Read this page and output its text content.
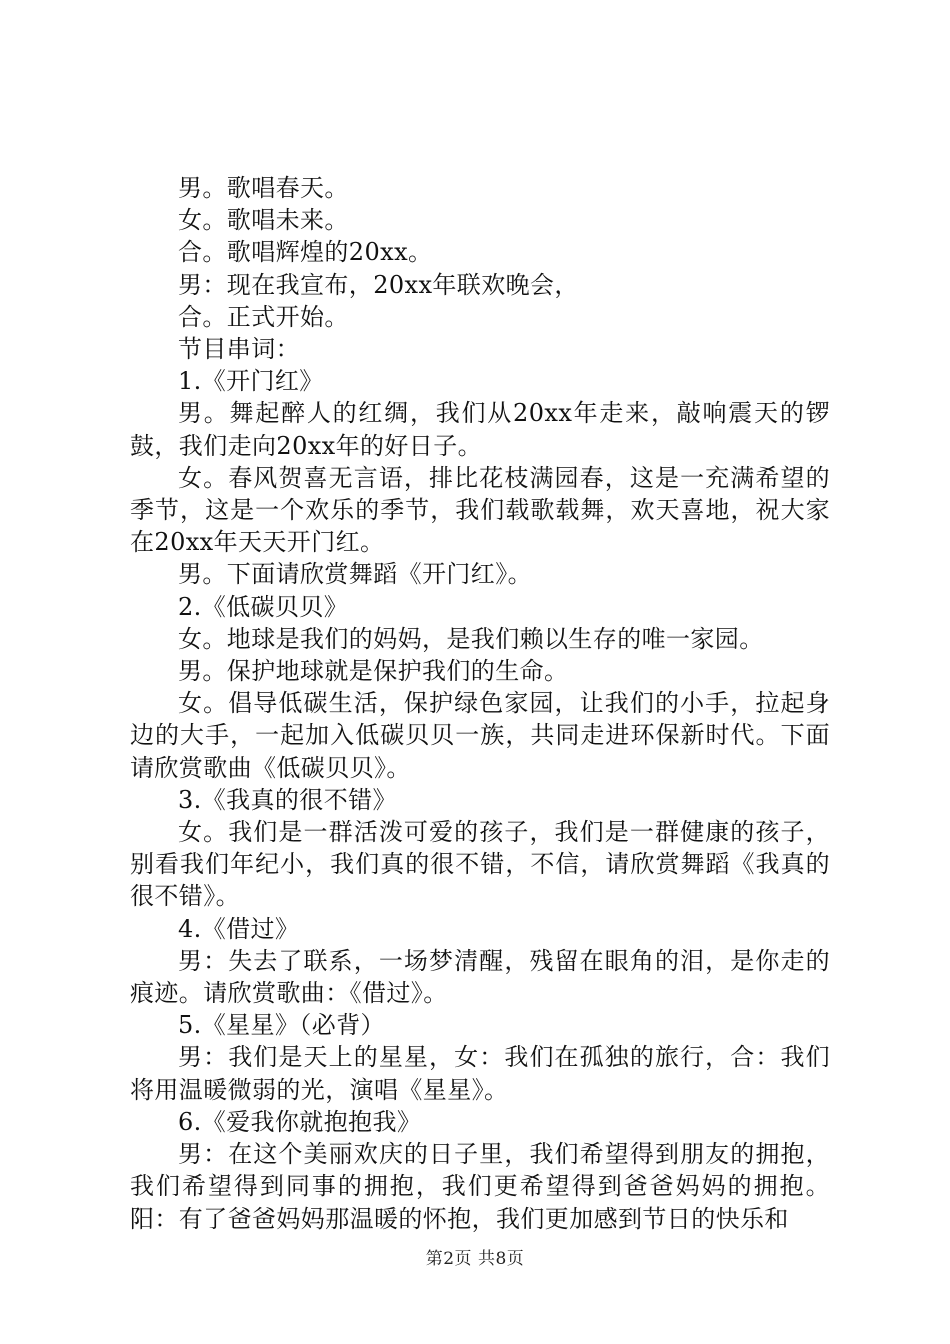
男。歌唱春天。

女。歌唱未来。

合。歌唱辉煌的20xx。

男：现在我宣布，20xx年联欢晚会，

合。正式开始。

节目串词：

1.《开门红》

男。舞起醉人的红绸，我们从20xx年走来，敲响震天的锣鼓，我们走向20xx年的好日子。

女。春风贺喜无言语，排比花枝满园春，这是一充满希望的季节，这是一个欢乐的季节，我们载歌载舞，欢天喜地，祝大家在20xx年天天开门红。

男。下面请欣赏舞蹈《开门红》。

2.《低碳贝贝》

女。地球是我们的妈妈，是我们赖以生存的唯一家园。

男。保护地球就是保护我们的生命。

女。倡导低碳生活，保护绿色家园，让我们的小手，拉起身边的大手，一起加入低碳贝贝一族，共同走进环保新时代。下面请欣赏歌曲《低碳贝贝》。

3.《我真的很不错》

女。我们是一群活泼可爱的孩子，我们是一群健康的孩子，别看我们年纪小，我们真的很不错，不信，请欣赏舞蹈《我真的很不错》。

4.《借过》

男：失去了联系，一场梦清醒，残留在眼角的泪，是你走的痕迹。请欣赏歌曲：《借过》。

5.《星星》（必背）

男：我们是天上的星星，女：我们在孤独的旅行，合：我们将用温暖微弱的光，演唱《星星》。

6.《爱我你就抱抱我》

男：在这个美丽欢庆的日子里，我们希望得到朋友的拥抱，我们希望得到同事的拥抱，我们更希望得到爸爸妈妈的拥抱。阳：有了爸爸妈妈那温暖的怀抱，我们更加感到节日的快乐和

第2页 共8页
